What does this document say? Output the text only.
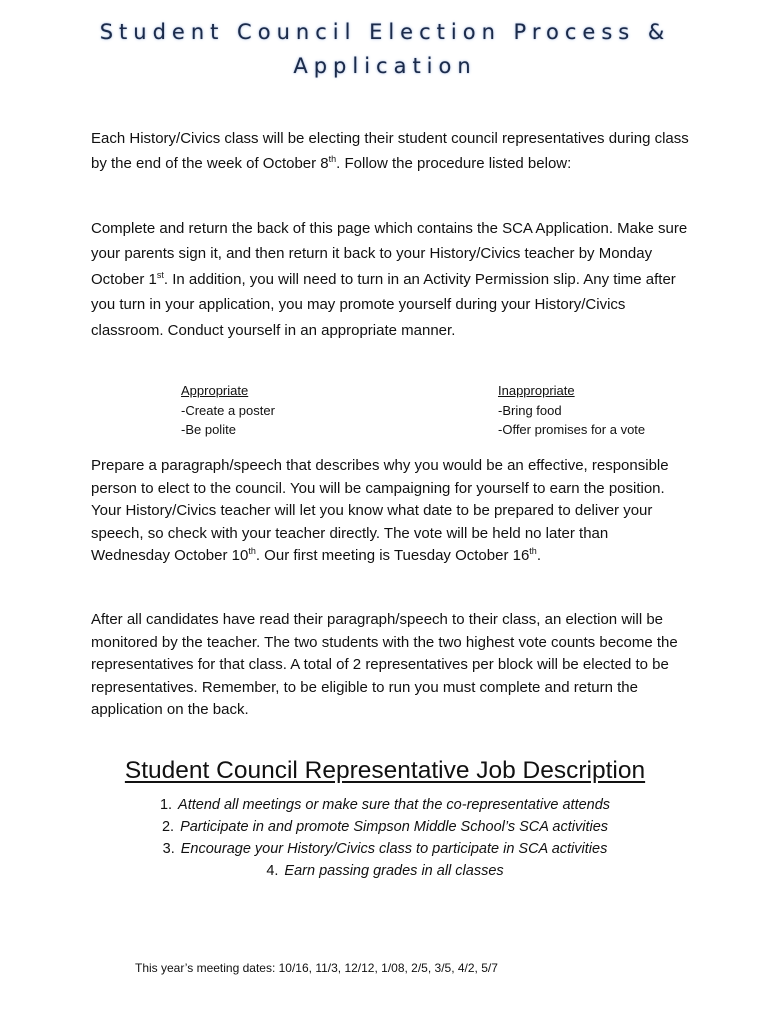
Student Council Election Process &
Application

Each History/Civics class will be electing their student council representatives during class by the end of the week of October 8th. Follow the procedure listed below:

Complete and return the back of this page which contains the SCA Application. Make sure your parents sign it, and then return it back to your History/Civics teacher by Monday October 1st. In addition, you will need to turn in an Activity Permission slip. Any time after you turn in your application, you may promote yourself during your History/Civics classroom. Conduct yourself in an appropriate manner.

Appropriate
-Create a poster
-Be polite
Inappropriate
-Bring food
-Offer promises for a vote

Prepare a paragraph/speech that describes why you would be an effective, responsible person to elect to the council. You will be campaigning for yourself to earn the position. Your History/Civics teacher will let you know what date to be prepared to deliver your speech, so check with your teacher directly. The vote will be held no later than Wednesday October 10th. Our first meeting is Tuesday October 16th.

After all candidates have read their paragraph/speech to their class, an election will be monitored by the teacher. The two students with the two highest vote counts become the representatives for that class. A total of 2 representatives per block will be elected to be representatives. Remember, to be eligible to run you must complete and return the application on the back.

Student Council Representative Job Description
1. Attend all meetings or make sure that the co-representative attends
2. Participate in and promote Simpson Middle School’s SCA activities
3. Encourage your History/Civics class to participate in SCA activities
4. Earn passing grades in all classes
This year’s meeting dates: 10/16, 11/3, 12/12, 1/08, 2/5, 3/5, 4/2, 5/7
